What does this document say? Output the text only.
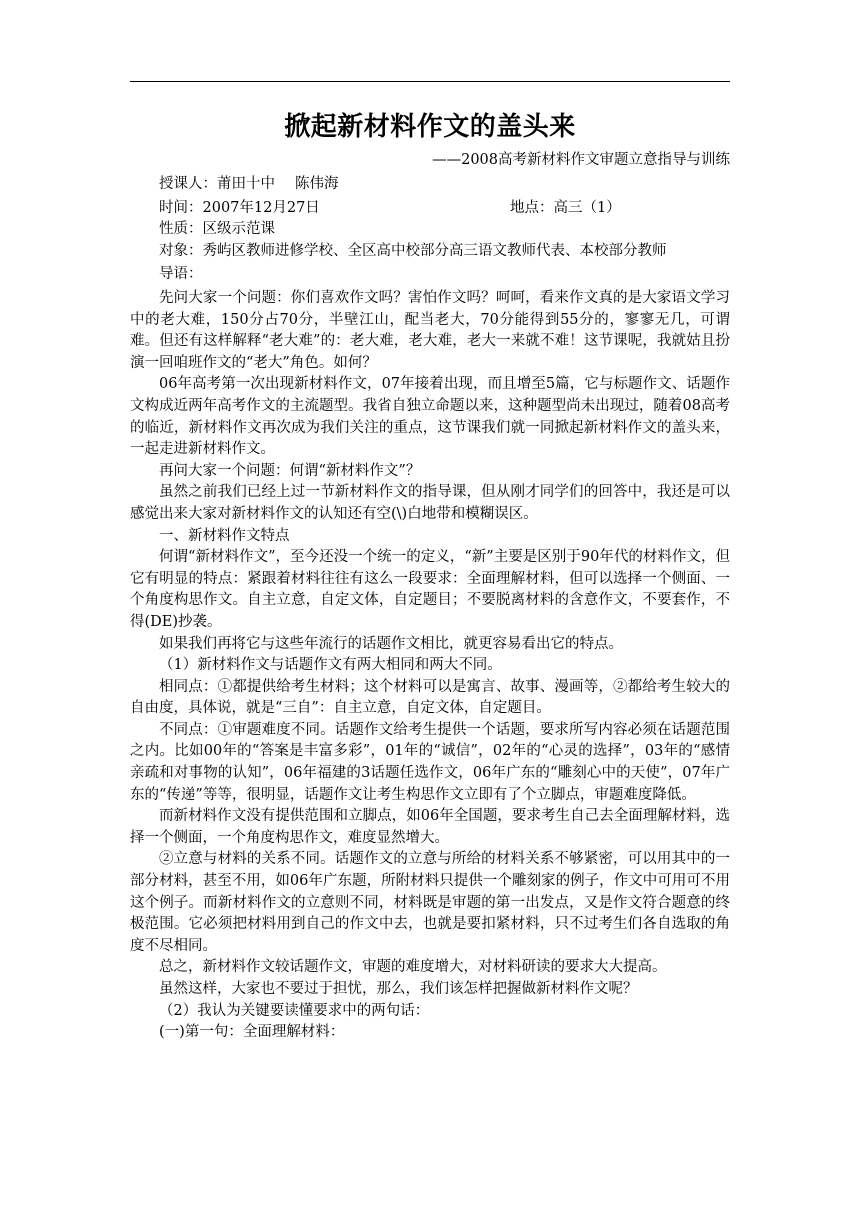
掀起新材料作文的盖头来
——2008高考新材料作文审题立意指导与训练
授课人：莆田十中 陈伟海
时间：2007年12月27日	地点：高三（1）
性质：区级示范课
对象：秀屿区教师进修学校、全区高中校部分高三语文教师代表、本校部分教师
导语：

先问大家一个问题：你们喜欢作文吗？害怕作文吗？呵呵，看来作文真的是大家语文学习中的老大难，150分占70分，半壁江山，配当老大，70分能得到55分的，寥寥无几，可谓难。但还有这样解释“老大难”的：老大难，老大难，老大一来就不难！这节课呢，我就姑且扮演一回咱班作文的“老大”角色。如何？

06年高考第一次出现新材料作文，07年接着出现，而且增至5篇，它与标题作文、话题作文构成近两年高考作文的主流题型。我省自独立命题以来，这种题型尚未出现过，随着08高考的临近，新材料作文再次成为我们关注的重点，这节课我们就一同掀起新材料作文的盖头来，一起走进新材料作文。

再问大家一个问题：何谓“新材料作文”？

虽然之前我们已经上过一节新材料作文的指导课，但从刚才同学们的回答中，我还是可以感觉出来大家对新材料作文的认知还有空(\)白地带和模糊误区。

一、新材料作文特点

何谓“新材料作文”，至今还没一个统一的定义，“新”主要是区别于90年代的材料作文，但它有明显的特点：紧跟着材料往往有这么一段要求：全面理解材料，但可以选择一个侧面、一个角度构思作文。自主立意，自定文体，自定题目；不要脱离材料的含意作文，不要套作，不得(DE)抄袭。

如果我们再将它与这些年流行的话题作文相比，就更容易看出它的特点。

（1）新材料作文与话题作文有两大相同和两大不同。

相同点：①都提供给考生材料；这个材料可以是寓言、故事、漫画等，②都给考生较大的自由度，具体说，就是“三自”：自主立意，自定文体，自定题目。

不同点：①审题难度不同。话题作文给考生提供一个话题，要求所写内容必须在话题范围之内。比如00年的“答案是丰富多彩”，01年的“诚信”，02年的“心灵的选择”，03年的“感情亲疏和对事物的认知”，06年福建的3话题任选作文，06年广东的“雕刻心中的天使”，07年广东的“传递”等等，很明显，话题作文让考生构思作文立即有了个立脚点，审题难度降低。

而新材料作文没有提供范围和立脚点，如06年全国题，要求考生自己去全面理解材料，选择一个侧面，一个角度构思作文，难度显然增大。

②立意与材料的关系不同。话题作文的立意与所给的材料关系不够紧密，可以用其中的一部分材料，甚至不用，如06年广东题，所附材料只提供一个雕刻家的例子，作文中可用可不用这个例子。而新材料作文的立意则不同，材料既是审题的第一出发点，又是作文符合题意的终极范围。它必须把材料用到自己的作文中去，也就是要扣紧材料，只不过考生们各自选取的角度不尽相同。

总之，新材料作文较话题作文，审题的难度增大，对材料研读的要求大大提高。

虽然这样，大家也不要过于担忧，那么，我们该怎样把握做新材料作文呢？

（2）我认为关键要读懂要求中的两句话：

(一)第一句：全面理解材料：
